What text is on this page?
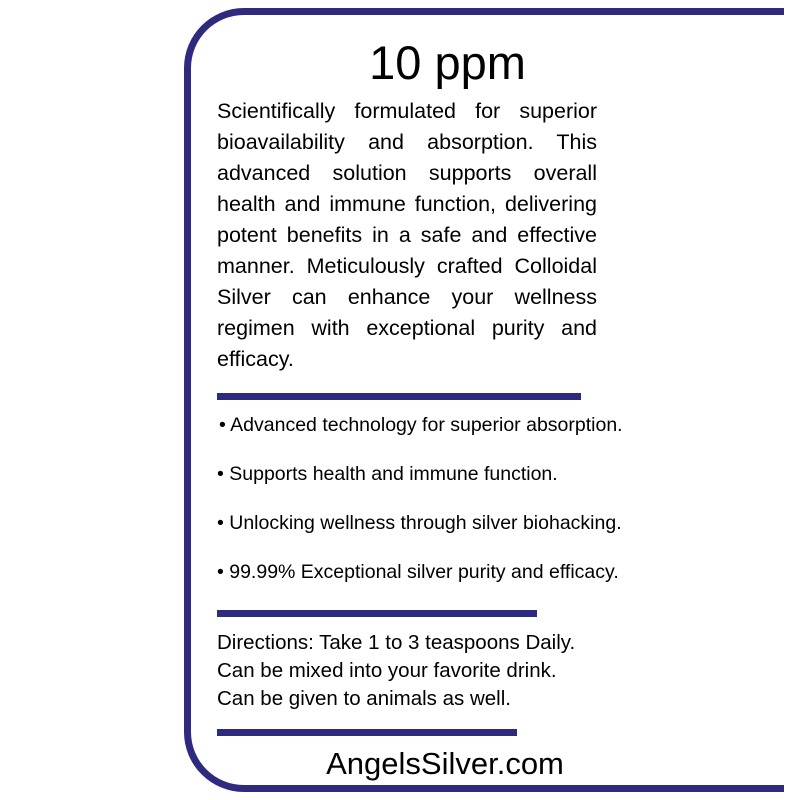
10 ppm

Scientifically formulated for superior bioavailability and absorption. This advanced solution supports overall health and immune function, delivering potent benefits in a safe and effective manner. Meticulously crafted Colloidal Silver can enhance your wellness regimen with exceptional purity and efficacy.

• Advanced technology for superior absorption.
• Supports health and immune function.
• Unlocking wellness through silver biohacking.
• 99.99% Exceptional silver purity and efficacy.
Directions: Take 1 to 3 teaspoons Daily.
Can be mixed into your favorite drink.
Can be given to animals as well.
AngelsSilver.com
